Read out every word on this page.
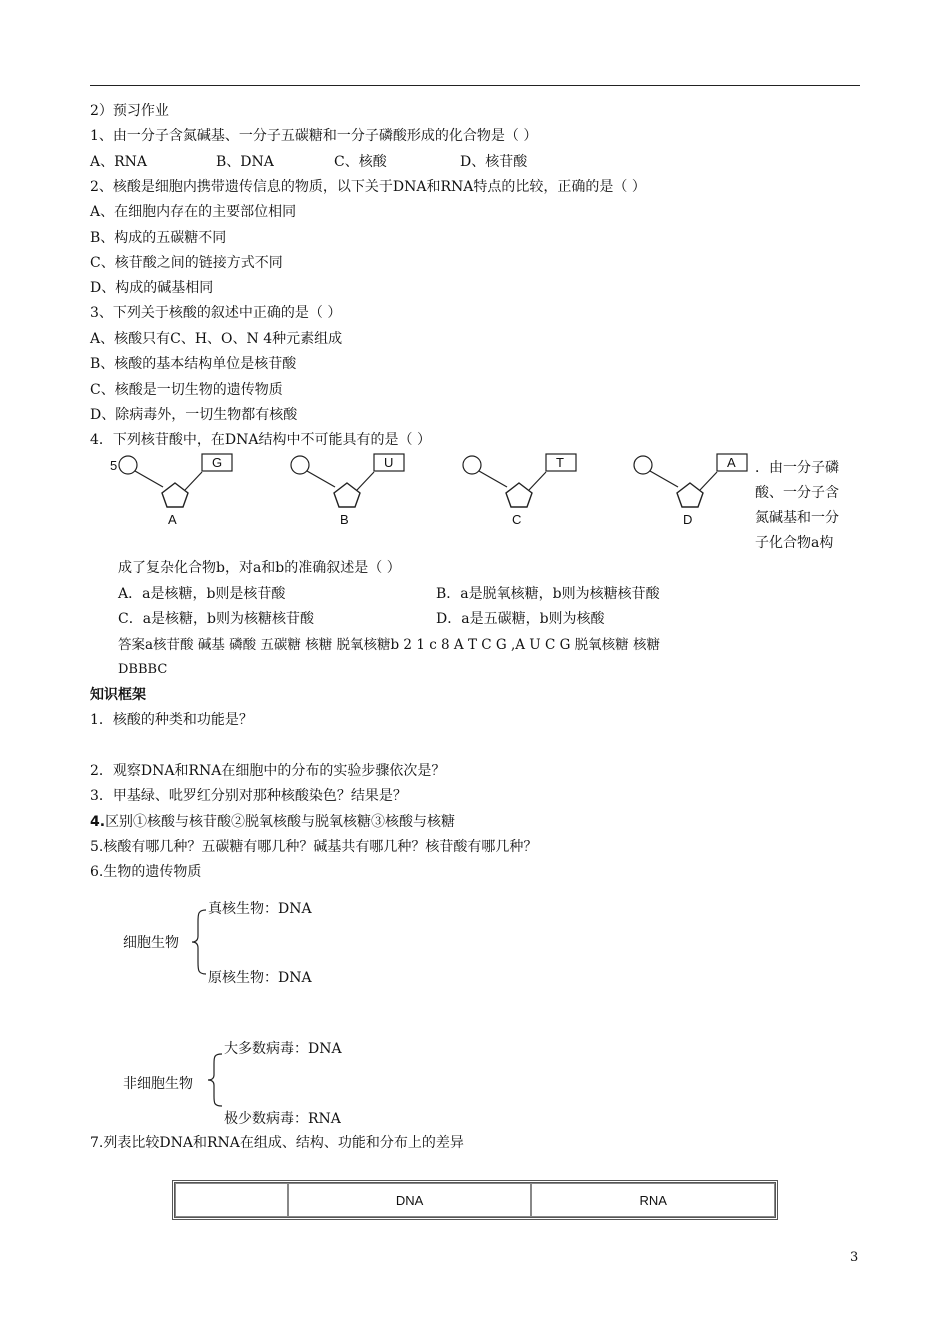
2）预习作业
1、由一分子含氮碱基、一分子五碳糖和一分子磷酸形成的化合物是（ ）
A、RNA	B、DNA	C、核酸	D、核苷酸
2、核酸是细胞内携带遗传信息的物质，以下关于DNA和RNA特点的比较，正确的是（ ）
A、在细胞内存在的主要部位相同
B、构成的五碳糖不同
C、核苷酸之间的链接方式不同
D、构成的碱基相同
3、下列关于核酸的叙述中正确的是（ ）
A、核酸只有C、H、O、N 4种元素组成
B、核酸的基本结构单位是核苷酸
C、核酸是一切生物的遗传物质
D、除病毒外，一切生物都有核酸
4．下列核苷酸中，在DNA结构中不可能具有的是（ ）
5	G
A
U
B
T
C
A
D
．由一分子磷
酸、一分子含
氮碱基和一分
子化合物a构
成了复杂化合物b，对a和b的准确叙述是（ ）
A．a是核糖，b则是核苷酸	B．a是脱氧核糖，b则为核糖核苷酸
C．a是核糖，b则为核糖核苷酸	D．a是五碳糖，b则为核酸
答案a核苷酸 碱基 磷酸 五碳糖 核糖 脱氧核糖b 2 1 c 8 A T C G ,A U C G 脱氧核糖 核糖
DBBBC
知识框架
1．核酸的种类和功能是？
2．观察DNA和RNA在细胞中的分布的实验步骤依次是？
3．甲基绿、吡罗红分别对那种核酸染色？结果是？
4.区别①核酸与核苷酸②脱氧核酸与脱氧核糖③核酸与核糖
5.核酸有哪几种？五碳糖有哪几种？碱基共有哪几种？核苷酸有哪几种？
6.生物的遗传物质
细胞生物
真核生物：DNA
原核生物：DNA
非细胞生物
大多数病毒：DNA
极少数病毒：RNA
7.列表比较DNA和RNA在组成、结构、功能和分布上的差异
	DNA	RNA
3
